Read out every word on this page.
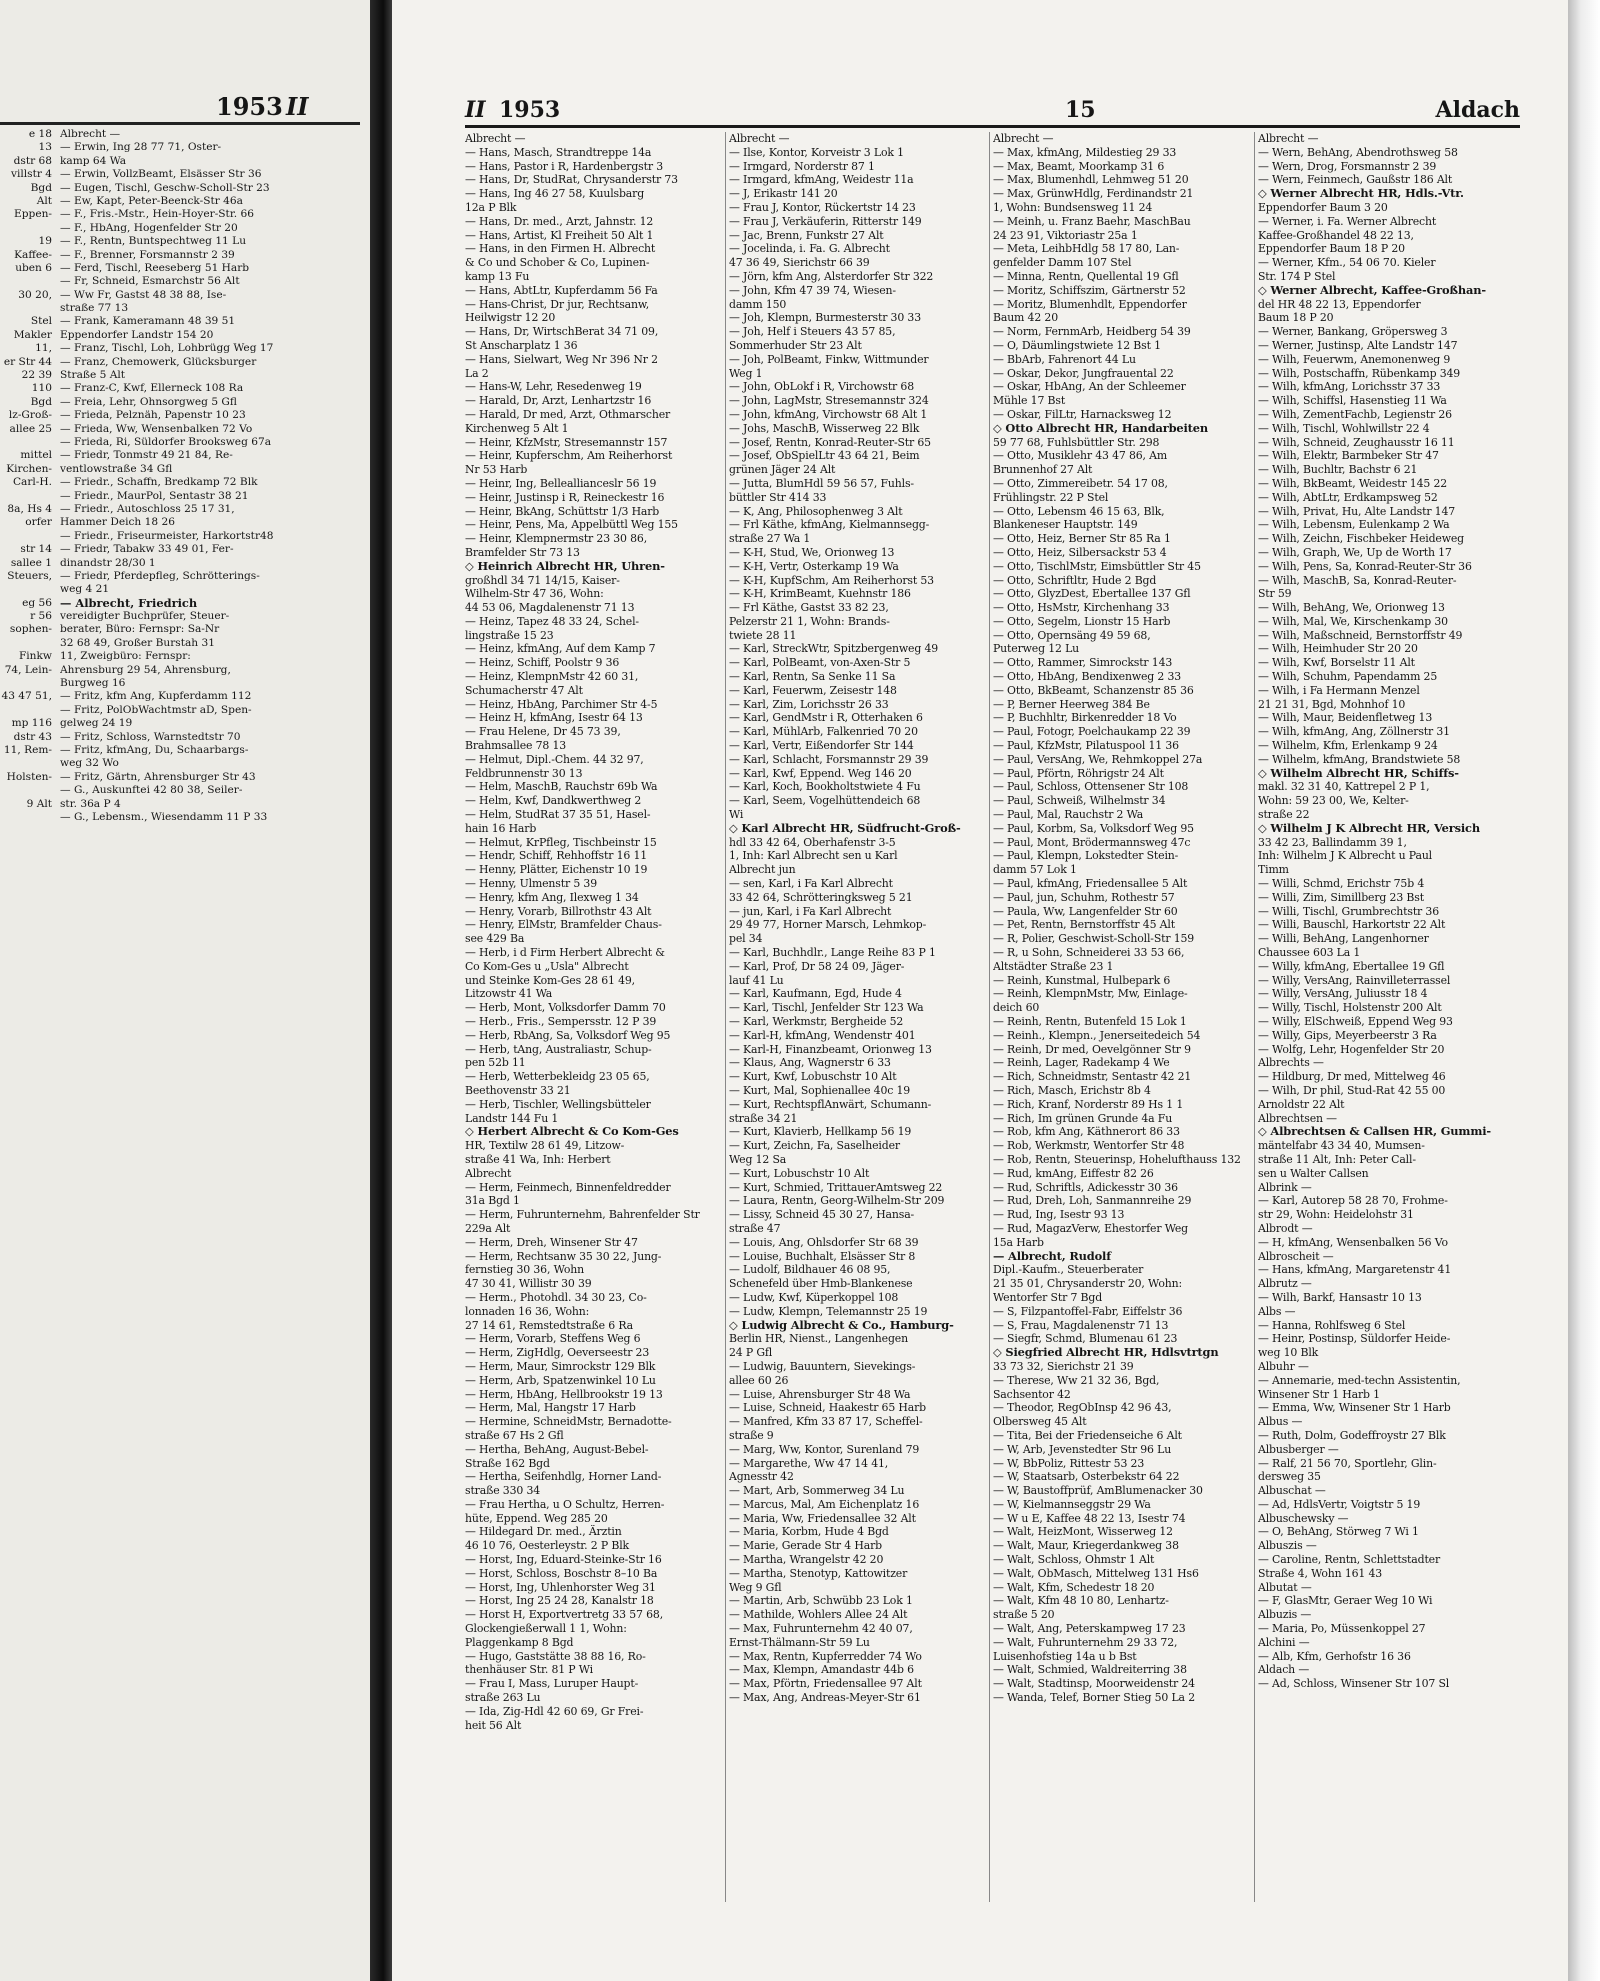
1953 II
e 18
13
dstr 68
villstr 4
Bgd
Alt
Eppen-
19
Kaffee-
uben 6
30 20,
Stel
Makler
11,
er Str 44
22 39
110
Bgd
lz-Groß-
allee 25
mittel
Kirchen-
Carl-H.
8a, Hs 4
orfer
str 14
sallee 1
Steuers,
eg 56
r 56
sophen-
Finkw
74, Lein-
43 47 51,
mp 116
dstr 43
11, Rem-
Holsten-
9 Alt
Albrecht —
— Erwin, Ing 28 77 71, Oster-
kamp 64 Wa
— Erwin, VollzBeamt, Elsässer Str 36
— Eugen, Tischl, Geschw-Scholl-Str 23
— Ew, Kapt, Peter-Beenck-Str 46a
— F., Fris.-Mstr., Hein-Hoyer-Str. 66
— F., HbAng, Hogenfelder Str 20
— F., Rentn, Buntspechtweg 11 Lu
— F., Brenner, Forsmannstr 2 39
— Ferd, Tischl, Reeseberg 51 Harb
— Fr, Schneid, Esmarchstr 56 Alt
— Ww Fr, Gastst 48 38 88, Ise-
straße 77 13
— Frank, Kameramann 48 39 51
Eppendorfer Landstr 154 20
— Franz, Tischl, Loh, Lohbrügg Weg 17
— Franz, Chemowerk, Glücksburger
Straße 5 Alt
— Franz-C, Kwf, Ellerneck 108 Ra
— Freia, Lehr, Ohnsorgweg 5 Gfl
— Frieda, Pelznäh, Papenstr 10 23
— Frieda, Ww, Wensenbalken 72 Vo
— Frieda, Ri, Süldorfer Brooksweg 67a
— Friedr, Tonmstr 49 21 84, Re-
ventlowstraße 34 Gfl
— Friedr., Schaffn, Bredkamp 72 Blk
— Friedr., MaurPol, Sentastr 38 21
— Friedr., Autoschloss 25 17 31,
Hammer Deich 18 26
— Friedr., Friseurmeister, Harkortstr48
— Friedr, Tabakw 33 49 01, Fer-
dinandstr 28/30 1
— Friedr, Pferdepfleg, Schrötterings-
weg 4 21
— Albrecht, Friedrich
vereidigter Buchprüfer, Steuer-
berater, Büro: Fernspr: Sa-Nr
32 68 49, Großer Burstah 31
11, Zweigbüro: Fernspr:
Ahrensburg 29 54, Ahrensburg,
Burgweg 16
— Fritz, kfm Ang, Kupferdamm 112
— Fritz, PolObWachtmstr aD, Spen-
gelweg 24 19
— Fritz, Schloss, Warnstedtstr 70
— Fritz, kfmAng, Du, Schaarbargs-
weg 32 Wo
— Fritz, Gärtn, Ahrensburger Str 43
— G., Auskunftei 42 80 38, Seiler-
str. 36a P 4
— G., Lebensm., Wiesendamm 11 P 33
II 1953	15	Aldach
Albrecht —
— Hans, Masch, Strandtreppe 14a
— Hans, Pastor i R, Hardenbergstr 3
— Hans, Dr, StudRat, Chrysanderstr 73
— Hans, Ing 46 27 58, Kuulsbarg
12a P Blk
— Hans, Dr. med., Arzt, Jahnstr. 12
— Hans, Artist, Kl Freiheit 50 Alt 1
— Hans, in den Firmen H. Albrecht
& Co und Schober & Co, Lupinen-
kamp 13 Fu
— Hans, AbtLtr, Kupferdamm 56 Fa
— Hans-Christ, Dr jur, Rechtsanw,
Heilwigstr 12 20
— Hans, Dr, WirtschBerat 34 71 09,
St Anscharplatz 1 36
— Hans, Sielwart, Weg Nr 396 Nr 2
La 2
— Hans-W, Lehr, Resedenweg 19
— Harald, Dr, Arzt, Lenhartzstr 16
— Harald, Dr med, Arzt, Othmarscher
Kirchenweg 5 Alt 1
— Heinr, KfzMstr, Stresemannstr 157
— Heinr, Kupferschm, Am Reiherhorst
Nr 53 Harb
— Heinr, Ing, Belleallianceslr 56 19
— Heinr, Justinsp i R, Reineckestr 16
— Heinr, BkAng, Schüttstr 1/3 Harb
— Heinr, Pens, Ma, Appelbüttl Weg 155
— Heinr, Klempnermstr 23 30 86,
Bramfelder Str 73 13
◇ Heinrich Albrecht HR, Uhren-
großhdl 34 71 14/15, Kaiser-
Wilhelm-Str 47 36, Wohn:
44 53 06, Magdalenenstr 71 13
— Heinz, Tapez 48 33 24, Schel-
lingstraße 15 23
— Heinz, kfmAng, Auf dem Kamp 7
— Heinz, Schiff, Poolstr 9 36
— Heinz, KlempnMstr 42 60 31,
Schumacherstr 47 Alt
— Heinz, HbAng, Parchimer Str 4-5
— Heinz H, kfmAng, Isestr 64 13
— Frau Helene, Dr 45 73 39,
Brahmsallee 78 13
— Helmut, Dipl.-Chem. 44 32 97,
Feldbrunnenstr 30 13
— Helm, MaschB, Rauchstr 69b Wa
— Helm, Kwf, Dandkwerthweg 2
— Helm, StudRat 37 35 51, Hasel-
hain 16 Harb
— Helmut, KrPfleg, Tischbeinstr 15
— Hendr, Schiff, Rehhoffstr 16 11
— Henny, Plätter, Eichenstr 10 19
— Henny, Ulmenstr 5 39
— Henry, kfm Ang, Ilexweg 1 34
— Henry, Vorarb, Billrothstr 43 Alt
— Henry, ElMstr, Bramfelder Chaus-
see 429 Ba
— Herb, i d Firm Herbert Albrecht &
Co Kom-Ges u „Usla" Albrecht
und Steinke Kom-Ges 28 61 49,
Litzowstr 41 Wa
— Herb, Mont, Volksdorfer Damm 70
— Herb., Fris., Sempersstr. 12 P 39
— Herb, RbAng, Sa, Volksdorf Weg 95
— Herb, tAng, Australiastr, Schup-
pen 52b 11
— Herb, Wetterbekleidg 23 05 65,
Beethovenstr 33 21
— Herb, Tischler, Wellingsbütteler
Landstr 144 Fu 1
◇ Herbert Albrecht & Co Kom-Ges
HR, Textilw 28 61 49, Litzow-
straße 41 Wa, Inh: Herbert
Albrecht
— Herm, Feinmech, Binnenfeldredder
31a Bgd 1
— Herm, Fuhrunternehm, Bahrenfelder Str
229a Alt
— Herm, Dreh, Winsener Str 47
— Herm, Rechtsanw 35 30 22, Jung-
fernstieg 30 36, Wohn
47 30 41, Willistr 30 39
— Herm., Photohdl. 34 30 23, Co-
lonnaden 16 36, Wohn:
27 14 61, Remstedtstraße 6 Ra
— Herm, Vorarb, Steffens Weg 6
— Herm, ZigHdlg, Oeverseestr 23
— Herm, Maur, Simrockstr 129 Blk
— Herm, Arb, Spatzenwinkel 10 Lu
— Herm, HbAng, Hellbrookstr 19 13
— Herm, Mal, Hangstr 17 Harb
— Hermine, SchneidMstr, Bernadotte-
straße 67 Hs 2 Gfl
— Hertha, BehAng, August-Bebel-
Straße 162 Bgd
— Hertha, Seifenhdlg, Horner Land-
straße 330 34
— Frau Hertha, u O Schultz, Herren-
hüte, Eppend. Weg 285 20
— Hildegard Dr. med., Ärztin
46 10 76, Oesterleystr. 2 P Blk
— Horst, Ing, Eduard-Steinke-Str 16
— Horst, Schloss, Boschstr 8–10 Ba
— Horst, Ing, Uhlenhorster Weg 31
— Horst, Ing 25 24 28, Kanalstr 18
— Horst H, Exportvertretg 33 57 68,
Glockengießerwall 1 1, Wohn:
Plaggenkamp 8 Bgd
— Hugo, Gaststätte 38 88 16, Ro-
thenhäuser Str. 81 P Wi
— Frau I, Mass, Luruper Haupt-
straße 263 Lu
— Ida, Zig-Hdl 42 60 69, Gr Frei-
heit 56 Alt
Albrecht —
— Ilse, Kontor, Korveistr 3 Lok 1
— Irmgard, Norderstr 87 1
— Irmgard, kfmAng, Weidestr 11a
— J, Erikastr 141 20
— Frau J, Kontor, Rückertstr 14 23
— Frau J, Verkäuferin, Ritterstr 149
— Jac, Brenn, Funkstr 27 Alt
— Jocelinda, i. Fa. G. Albrecht
47 36 49, Sierichstr 66 39
— Jörn, kfm Ang, Alsterdorfer Str 322
— John, Kfm 47 39 74, Wiesen-
damm 150
— Joh, Klempn, Burmesterstr 30 33
— Joh, Helf i Steuers 43 57 85,
Sommerhuder Str 23 Alt
— Joh, PolBeamt, Finkw, Wittmunder
Weg 1
— John, ObLokf i R, Virchowstr 68
— John, LagMstr, Stresemannstr 324
— John, kfmAng, Virchowstr 68 Alt 1
— Johs, MaschB, Wisserweg 22 Blk
— Josef, Rentn, Konrad-Reuter-Str 65
— Josef, ObSpielLtr 43 64 21, Beim
grünen Jäger 24 Alt
— Jutta, BlumHdl 59 56 57, Fuhls-
büttler Str 414 33
— K, Ang, Philosophenweg 3 Alt
— Frl Käthe, kfmAng, Kielmannsegg-
straße 27 Wa 1
— K-H, Stud, We, Orionweg 13
— K-H, Vertr, Osterkamp 19 Wa
— K-H, KupfSchm, Am Reiherhorst 53
— K-H, KrimBeamt, Kuehnstr 186
— Frl Käthe, Gastst 33 82 23,
Pelzerstr 21 1, Wohn: Brands-
twiete 28 11
— Karl, StreckWtr, Spitzbergenweg 49
— Karl, PolBeamt, von-Axen-Str 5
— Karl, Rentn, Sa Senke 11 Sa
— Karl, Feuerwm, Zeisestr 148
— Karl, Zim, Lorichsstr 26 33
— Karl, GendMstr i R, Otterhaken 6
— Karl, MühlArb, Falkenried 70 20
— Karl, Vertr, Eißendorfer Str 144
— Karl, Schlacht, Forsmannstr 29 39
— Karl, Kwf, Eppend. Weg 146 20
— Karl, Koch, Bookholtstwiete 4 Fu
— Karl, Seem, Vogelhüttendeich 68
Wi
◇ Karl Albrecht HR, Südfrucht-Groß-
hdl 33 42 64, Oberhafenstr 3-5
1, Inh: Karl Albrecht sen u Karl
Albrecht jun
— sen, Karl, i Fa Karl Albrecht
33 42 64, Schrötteringksweg 5 21
— jun, Karl, i Fa Karl Albrecht
29 49 77, Horner Marsch, Lehmkop-
pel 34
— Karl, Buchhdlr., Lange Reihe 83 P 1
— Karl, Prof, Dr 58 24 09, Jäger-
lauf 41 Lu
— Karl, Kaufmann, Egd, Hude 4
— Karl, Tischl, Jenfelder Str 123 Wa
— Karl, Werkmstr, Bergheide 52
— Karl-H, kfmAng, Wendenstr 401
— Karl-H, Finanzbeamt, Orionweg 13
— Klaus, Ang, Wagnerstr 6 33
— Kurt, Kwf, Lobuschstr 10 Alt
— Kurt, Mal, Sophienallee 40c 19
— Kurt, RechtspflAnwärt, Schumann-
straße 34 21
— Kurt, Klavierb, Hellkamp 56 19
— Kurt, Zeichn, Fa, Saselheider
Weg 12 Sa
— Kurt, Lobuschstr 10 Alt
— Kurt, Schmied, TrittauerAmtsweg 22
— Laura, Rentn, Georg-Wilhelm-Str 209
— Lissy, Schneid 45 30 27, Hansa-
straße 47
— Louis, Ang, Ohlsdorfer Str 68 39
— Louise, Buchhalt, Elsässer Str 8
— Ludolf, Bildhauer 46 08 95,
Schenefeld über Hmb-Blankenese
— Ludw, Kwf, Küperkoppel 108
— Ludw, Klempn, Telemannstr 25 19
◇ Ludwig Albrecht & Co., Hamburg-
Berlin HR, Nienst., Langenhegen
24 P Gfl
— Ludwig, Bauuntern, Sievekings-
allee 60 26
— Luise, Ahrensburger Str 48 Wa
— Luise, Schneid, Haakestr 65 Harb
— Manfred, Kfm 33 87 17, Scheffel-
straße 9
— Marg, Ww, Kontor, Surenland 79
— Margarethe, Ww 47 14 41,
Agnesstr 42
— Mart, Arb, Sommerweg 34 Lu
— Marcus, Mal, Am Eichenplatz 16
— Maria, Ww, Friedensallee 32 Alt
— Maria, Korbm, Hude 4 Bgd
— Marie, Gerade Str 4 Harb
— Martha, Wrangelstr 42 20
— Martha, Stenotyp, Kattowitzer
Weg 9 Gfl
— Martin, Arb, Schwübb 23 Lok 1
— Mathilde, Wohlers Allee 24 Alt
— Max, Fuhrunternehm 42 40 07,
Ernst-Thälmann-Str 59 Lu
— Max, Rentn, Kupferredder 74 Wo
— Max, Klempn, Amandastr 44b 6
— Max, Pförtn, Friedensallee 97 Alt
— Max, Ang, Andreas-Meyer-Str 61
Albrecht —
— Max, kfmAng, Mildestieg 29 33
— Max, Beamt, Moorkamp 31 6
— Max, Blumenhdl, Lehmweg 51 20
— Max, GrünwHdlg, Ferdinandstr 21
1, Wohn: Bundsensweg 11 24
— Meinh, u. Franz Baehr, MaschBau
24 23 91, Viktoriastr 25a 1
— Meta, LeihbHdlg 58 17 80, Lan-
genfelder Damm 107 Stel
— Minna, Rentn, Quellental 19 Gfl
— Moritz, Schiffszim, Gärtnerstr 52
— Moritz, Blumenhdlt, Eppendorfer
Baum 42 20
— Norm, FernmArb, Heidberg 54 39
— O, Däumlingstwiete 12 Bst 1
— BbArb, Fahrenort 44 Lu
— Oskar, Dekor, Jungfrauental 22
— Oskar, HbAng, An der Schleemer
Mühle 17 Bst
— Oskar, FilLtr, Harnacksweg 12
◇ Otto Albrecht HR, Handarbeiten
59 77 68, Fuhlsbüttler Str. 298
— Otto, Musiklehr 43 47 86, Am
Brunnenhof 27 Alt
— Otto, Zimmereibetr. 54 17 08,
Frühlingstr. 22 P Stel
— Otto, Lebensm 46 15 63, Blk,
Blankeneser Hauptstr. 149
— Otto, Heiz, Berner Str 85 Ra 1
— Otto, Heiz, Silbersackstr 53 4
— Otto, TischlMstr, Eimsbüttler Str 45
— Otto, Schriftltr, Hude 2 Bgd
— Otto, GlyzDest, Ebertallee 137 Gfl
— Otto, HsMstr, Kirchenhang 33
— Otto, Segelm, Lionstr 15 Harb
— Otto, Opernsäng 49 59 68,
Puterweg 12 Lu
— Otto, Rammer, Simrockstr 143
— Otto, HbAng, Bendixenweg 2 33
— Otto, BkBeamt, Schanzenstr 85 36
— P, Berner Heerweg 384 Be
— P, Buchhltr, Birkenredder 18 Vo
— Paul, Fotogr, Poelchaukamp 22 39
— Paul, KfzMstr, Pilatuspool 11 36
— Paul, VersAng, We, Rehmkoppel 27a
— Paul, Pförtn, Röhrigstr 24 Alt
— Paul, Schloss, Ottensener Str 108
— Paul, Schweiß, Wilhelmstr 34
— Paul, Mal, Rauchstr 2 Wa
— Paul, Korbm, Sa, Volksdorf Weg 95
— Paul, Mont, Brödermannsweg 47c
— Paul, Klempn, Lokstedter Stein-
damm 57 Lok 1
— Paul, kfmAng, Friedensallee 5 Alt
— Paul, jun, Schuhm, Rothestr 57
— Paula, Ww, Langenfelder Str 60
— Pet, Rentn, Bernstorffstr 45 Alt
— R, Polier, Geschwist-Scholl-Str 159
— R, u Sohn, Schneiderei 33 53 66,
Altstädter Straße 23 1
— Reinh, Kunstmal, Hulbepark 6
— Reinh, KlempnMstr, Mw, Einlage-
deich 60
— Reinh, Rentn, Butenfeld 15 Lok 1
— Reinh., Klempn., Jenerseitedeich 54
— Reinh, Dr med, Oevelgönner Str 9
— Reinh, Lager, Radekamp 4 We
— Rich, Schneidmstr, Sentastr 42 21
— Rich, Masch, Erichstr 8b 4
— Rich, Kranf, Norderstr 89 Hs 1 1
— Rich, Im grünen Grunde 4a Fu
— Rob, kfm Ang, Käthnerort 86 33
— Rob, Werkmstr, Wentorfer Str 48
— Rob, Rentn, Steuerinsp, Hohelufthauss 132
— Rud, kmAng, Eiffestr 82 26
— Rud, Schriftls, Adickesstr 30 36
— Rud, Dreh, Loh, Sanmannreihe 29
— Rud, Ing, Isestr 93 13
— Rud, MagazVerw, Ehestorfer Weg
15a Harb
— Albrecht, Rudolf
Dipl.-Kaufm., Steuerberater
21 35 01, Chrysanderstr 20, Wohn:
Wentorfer Str 7 Bgd
— S, Filzpantoffel-Fabr, Eiffelstr 36
— S, Frau, Magdalenenstr 71 13
— Siegfr, Schmd, Blumenau 61 23
◇ Siegfried Albrecht HR, Hdlsvtrtgn
33 73 32, Sierichstr 21 39
— Therese, Ww 21 32 36, Bgd,
Sachsentor 42
— Theodor, RegObInsp 42 96 43,
Olbersweg 45 Alt
— Tita, Bei der Friedenseiche 6 Alt
— W, Arb, Jevenstedter Str 96 Lu
— W, BbPoliz, Rittestr 53 23
— W, Staatsarb, Osterbekstr 64 22
— W, Baustoffprüf, AmBlumenacker 30
— W, Kielmannseggstr 29 Wa
— W u E, Kaffee 48 22 13, Isestr 74
— Walt, HeizMont, Wisserweg 12
— Walt, Maur, Kriegerdankweg 38
— Walt, Schloss, Ohmstr 1 Alt
— Walt, ObMasch, Mittelweg 131 Hs6
— Walt, Kfm, Schedestr 18 20
— Walt, Kfm 48 10 80, Lenhartz-
straße 5 20
— Walt, Ang, Peterskampweg 17 23
— Walt, Fuhrunternehm 29 33 72,
Luisenhofstieg 14a u b Bst
— Walt, Schmied, Waldreiterring 38
— Walt, Stadtinsp, Moorweidenstr 24
— Wanda, Telef, Borner Stieg 50 La 2
Albrecht —
— Wern, BehAng, Abendrothsweg 58
— Wern, Drog, Forsmannstr 2 39
— Wern, Feinmech, Gaußstr 186 Alt
◇ Werner Albrecht HR, Hdls.-Vtr.
Eppendorfer Baum 3 20
— Werner, i. Fa. Werner Albrecht
Kaffee-Großhandel 48 22 13,
Eppendorfer Baum 18 P 20
— Werner, Kfm., 54 06 70. Kieler
Str. 174 P Stel
◇ Werner Albrecht, Kaffee-Großhan-
del HR 48 22 13, Eppendorfer
Baum 18 P 20
— Werner, Bankang, Gröpersweg 3
— Werner, Justinsp, Alte Landstr 147
— Wilh, Feuerwm, Anemonenweg 9
— Wilh, Postschaffn, Rübenkamp 349
— Wilh, kfmAng, Lorichsstr 37 33
— Wilh, Schiffsl, Hasenstieg 11 Wa
— Wilh, ZementFachb, Legienstr 26
— Wilh, Tischl, Wohlwillstr 22 4
— Wilh, Schneid, Zeughausstr 16 11
— Wilh, Elektr, Barmbeker Str 47
— Wilh, Buchltr, Bachstr 6 21
— Wilh, BkBeamt, Weidestr 145 22
— Wilh, AbtLtr, Erdkampsweg 52
— Wilh, Privat, Hu, Alte Landstr 147
— Wilh, Lebensm, Eulenkamp 2 Wa
— Wilh, Zeichn, Fischbeker Heideweg
— Wilh, Graph, We, Up de Worth 17
— Wilh, Pens, Sa, Konrad-Reuter-Str 36
— Wilh, MaschB, Sa, Konrad-Reuter-
Str 59
— Wilh, BehAng, We, Orionweg 13
— Wilh, Mal, We, Kirschenkamp 30
— Wilh, Maßschneid, Bernstorffstr 49
— Wilh, Heimhuder Str 20 20
— Wilh, Kwf, Borselstr 11 Alt
— Wilh, Schuhm, Papendamm 25
— Wilh, i Fa Hermann Menzel
21 21 31, Bgd, Mohnhof 10
— Wilh, Maur, Beidenfletweg 13
— Wilh, kfmAng, Ang, Zöllnerstr 31
— Wilhelm, Kfm, Erlenkamp 9 24
— Wilhelm, kfmAng, Brandstwiete 58
◇ Wilhelm Albrecht HR, Schiffs-
makl. 32 31 40, Kattrepel 2 P 1,
Wohn: 59 23 00, We, Kelter-
straße 22
◇ Wilhelm J K Albrecht HR, Versich
33 42 23, Ballindamm 39 1,
Inh: Wilhelm J K Albrecht u Paul
Timm
— Willi, Schmd, Erichstr 75b 4
— Willi, Zim, Simillberg 23 Bst
— Willi, Tischl, Grumbrechtstr 36
— Willi, Bauschl, Harkortstr 22 Alt
— Willi, BehAng, Langenhorner
Chaussee 603 La 1
— Willy, kfmAng, Ebertallee 19 Gfl
— Willy, VersAng, Rainvilleterrassel
— Willy, VersAng, Juliusstr 18 4
— Willy, Tischl, Holstenstr 200 Alt
— Willy, ElSchweiß, Eppend Weg 93
— Willy, Gips, Meyerbeerstr 3 Ra
— Wolfg, Lehr, Hogenfelder Str 20
Albrechts —
— Hildburg, Dr med, Mittelweg 46
— Wilh, Dr phil, Stud-Rat 42 55 00
Arnoldstr 22 Alt
Albrechtsen —
◇ Albrechtsen & Callsen HR, Gummi-
mäntelfabr 43 34 40, Mumsen-
straße 11 Alt, Inh: Peter Call-
sen u Walter Callsen
Albrink —
— Karl, Autorep 58 28 70, Frohme-
str 29, Wohn: Heidelohstr 31
Albrodt —
— H, kfmAng, Wensenbalken 56 Vo
Albroscheit —
— Hans, kfmAng, Margaretenstr 41
Albrutz —
— Wilh, Barkf, Hansastr 10 13
Albs —
— Hanna, Rohlfsweg 6 Stel
— Heinr, Postinsp, Süldorfer Heide-
weg 10 Blk
Albuhr —
— Annemarie, med-techn Assistentin,
Winsener Str 1 Harb 1
— Emma, Ww, Winsener Str 1 Harb
Albus —
— Ruth, Dolm, Godeffroystr 27 Blk
Albusberger —
— Ralf, 21 56 70, Sportlehr, Glin-
dersweg 35
Albuschat —
— Ad, HdlsVertr, Voigtstr 5 19
Albuschewsky —
— O, BehAng, Störweg 7 Wi 1
Albuszis —
— Caroline, Rentn, Schlettstadter
Straße 4, Wohn 161 43
Albutat —
— F, GlasMtr, Geraer Weg 10 Wi
Albuzis —
— Maria, Po, Müssenkoppel 27
Alchini —
— Alb, Kfm, Gerhofstr 16 36
Aldach —
— Ad, Schloss, Winsener Str 107 Sl
